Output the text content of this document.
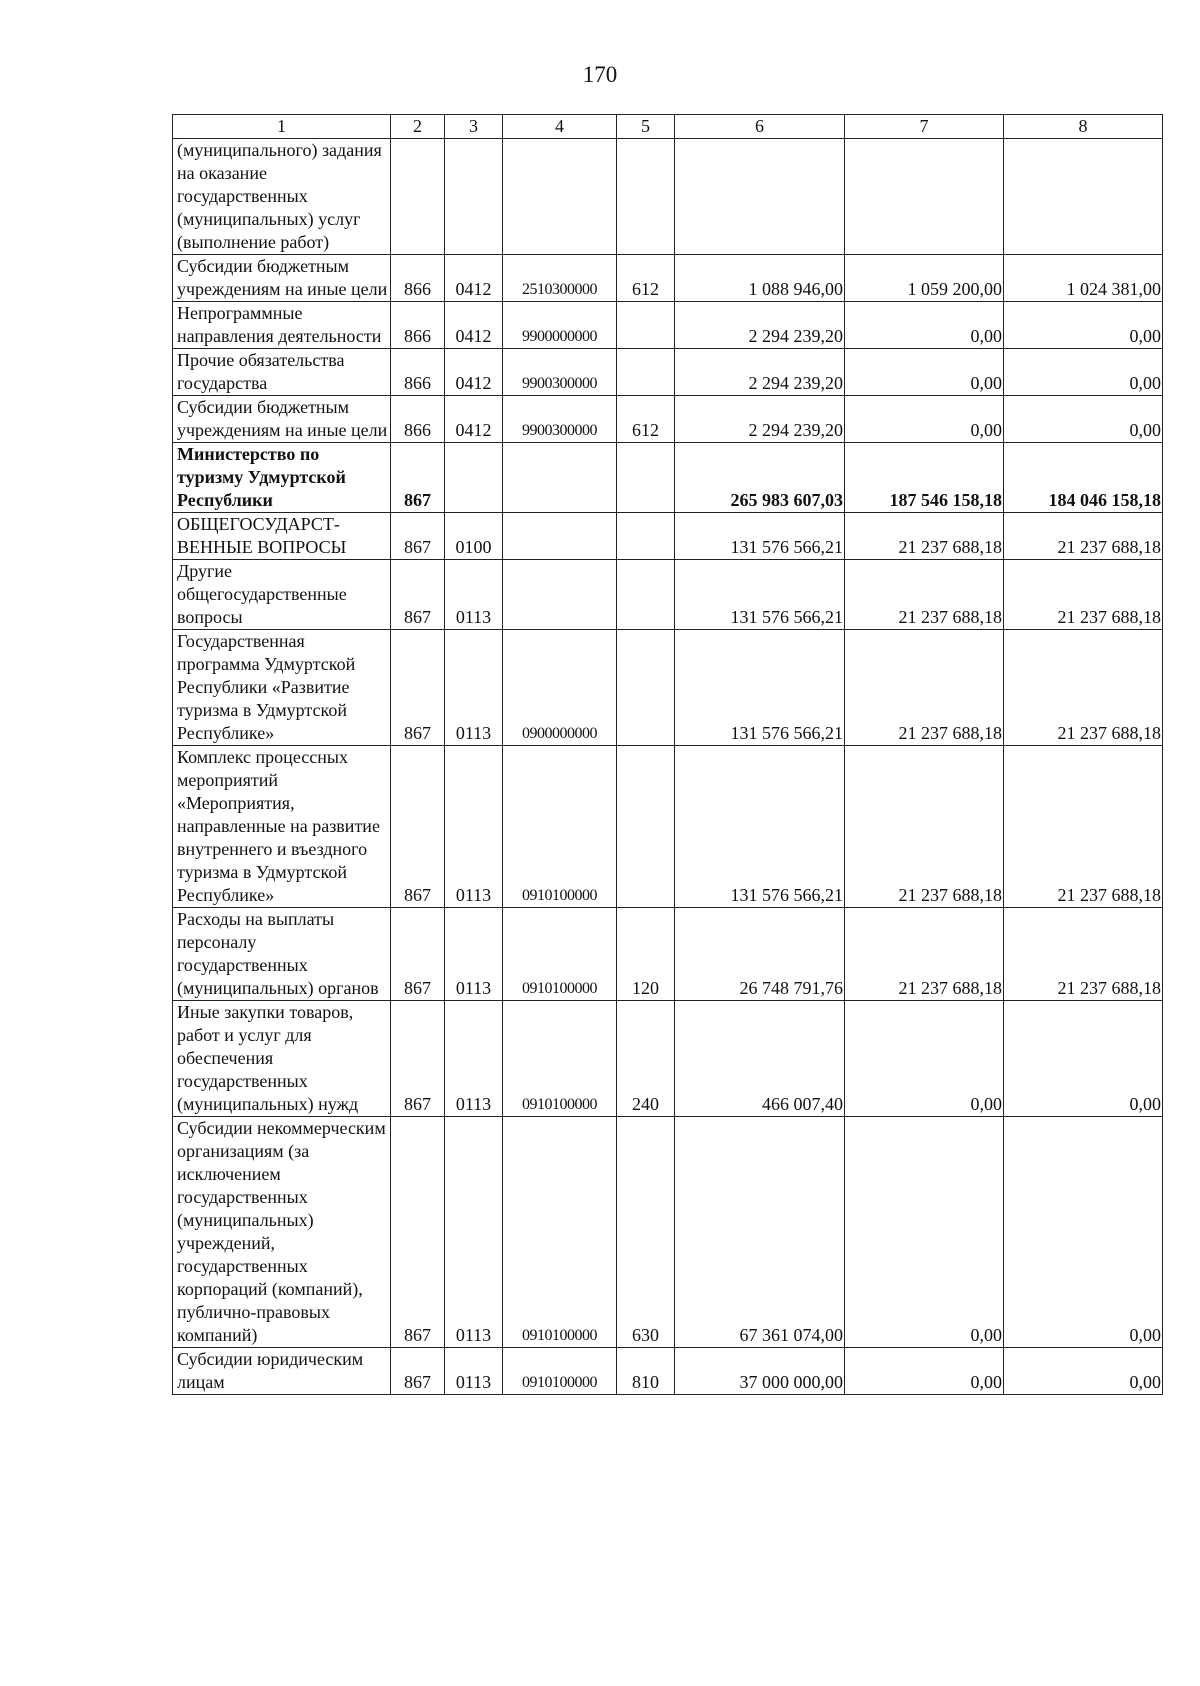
170
1	2	3	4	5	6	7	8
(муниципального) задания на оказание государственных (муниципальных) услуг (выполнение работ)							
Субсидии бюджетным учреждениям на иные цели	866	0412	2510300000	612	1 088 946,00	1 059 200,00	1 024 381,00
Непрограммные направления деятельности	866	0412	9900000000		2 294 239,20	0,00	0,00
Прочие обязательства государства	866	0412	9900300000		2 294 239,20	0,00	0,00
Субсидии бюджетным учреждениям на иные цели	866	0412	9900300000	612	2 294 239,20	0,00	0,00
Министерство по туризму Удмуртской Республики	867				265 983 607,03	187 546 158,18	184 046 158,18
ОБЩЕГОСУДАРСТ-ВЕННЫЕ ВОПРОСЫ	867	0100			131 576 566,21	21 237 688,18	21 237 688,18
Другие общегосударственные вопросы	867	0113			131 576 566,21	21 237 688,18	21 237 688,18
Государственная программа Удмуртской Республики «Развитие туризма в Удмуртской Республике»	867	0113	0900000000		131 576 566,21	21 237 688,18	21 237 688,18
Комплекс процессных мероприятий «Мероприятия, направленные на развитие внутреннего и въездного туризма в Удмуртской Республике»	867	0113	0910100000		131 576 566,21	21 237 688,18	21 237 688,18
Расходы на выплаты персоналу государственных (муниципальных) органов	867	0113	0910100000	120	26 748 791,76	21 237 688,18	21 237 688,18
Иные закупки товаров, работ и услуг для обеспечения государственных (муниципальных) нужд	867	0113	0910100000	240	466 007,40	0,00	0,00
Субсидии некоммерческим организациям (за исключением государственных (муниципальных) учреждений, государственных корпораций (компаний), публично-правовых компаний)	867	0113	0910100000	630	67 361 074,00	0,00	0,00
Субсидии юридическим лицам	867	0113	0910100000	810	37 000 000,00	0,00	0,00
